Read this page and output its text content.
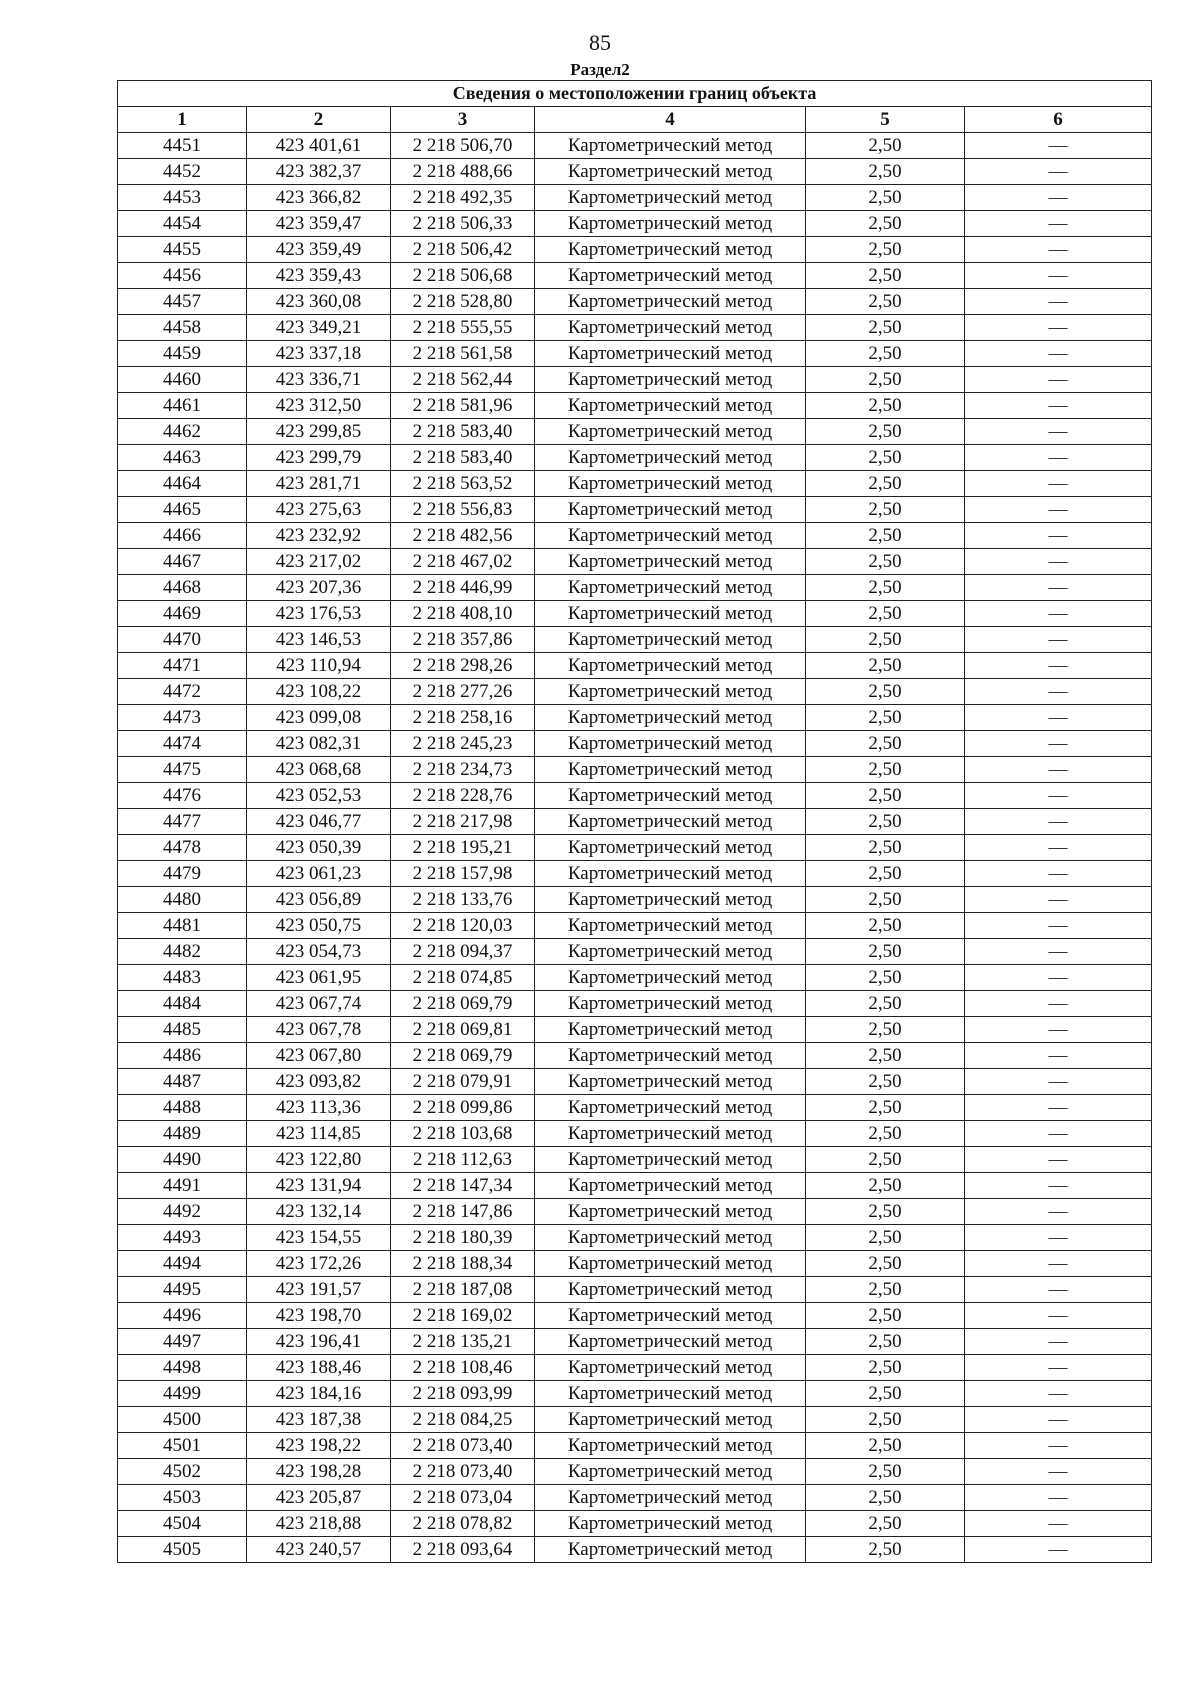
85
Раздел2
Сведения о местоположении границ объекта					
1	2	3	4	5	6
4451	423 401,61	2 218 506,70	Картометрический метод	2,50	—
4452	423 382,37	2 218 488,66	Картометрический метод	2,50	—
4453	423 366,82	2 218 492,35	Картометрический метод	2,50	—
4454	423 359,47	2 218 506,33	Картометрический метод	2,50	—
4455	423 359,49	2 218 506,42	Картометрический метод	2,50	—
4456	423 359,43	2 218 506,68	Картометрический метод	2,50	—
4457	423 360,08	2 218 528,80	Картометрический метод	2,50	—
4458	423 349,21	2 218 555,55	Картометрический метод	2,50	—
4459	423 337,18	2 218 561,58	Картометрический метод	2,50	—
4460	423 336,71	2 218 562,44	Картометрический метод	2,50	—
4461	423 312,50	2 218 581,96	Картометрический метод	2,50	—
4462	423 299,85	2 218 583,40	Картометрический метод	2,50	—
4463	423 299,79	2 218 583,40	Картометрический метод	2,50	—
4464	423 281,71	2 218 563,52	Картометрический метод	2,50	—
4465	423 275,63	2 218 556,83	Картометрический метод	2,50	—
4466	423 232,92	2 218 482,56	Картометрический метод	2,50	—
4467	423 217,02	2 218 467,02	Картометрический метод	2,50	—
4468	423 207,36	2 218 446,99	Картометрический метод	2,50	—
4469	423 176,53	2 218 408,10	Картометрический метод	2,50	—
4470	423 146,53	2 218 357,86	Картометрический метод	2,50	—
4471	423 110,94	2 218 298,26	Картометрический метод	2,50	—
4472	423 108,22	2 218 277,26	Картометрический метод	2,50	—
4473	423 099,08	2 218 258,16	Картометрический метод	2,50	—
4474	423 082,31	2 218 245,23	Картометрический метод	2,50	—
4475	423 068,68	2 218 234,73	Картометрический метод	2,50	—
4476	423 052,53	2 218 228,76	Картометрический метод	2,50	—
4477	423 046,77	2 218 217,98	Картометрический метод	2,50	—
4478	423 050,39	2 218 195,21	Картометрический метод	2,50	—
4479	423 061,23	2 218 157,98	Картометрический метод	2,50	—
4480	423 056,89	2 218 133,76	Картометрический метод	2,50	—
4481	423 050,75	2 218 120,03	Картометрический метод	2,50	—
4482	423 054,73	2 218 094,37	Картометрический метод	2,50	—
4483	423 061,95	2 218 074,85	Картометрический метод	2,50	—
4484	423 067,74	2 218 069,79	Картометрический метод	2,50	—
4485	423 067,78	2 218 069,81	Картометрический метод	2,50	—
4486	423 067,80	2 218 069,79	Картометрический метод	2,50	—
4487	423 093,82	2 218 079,91	Картометрический метод	2,50	—
4488	423 113,36	2 218 099,86	Картометрический метод	2,50	—
4489	423 114,85	2 218 103,68	Картометрический метод	2,50	—
4490	423 122,80	2 218 112,63	Картометрический метод	2,50	—
4491	423 131,94	2 218 147,34	Картометрический метод	2,50	—
4492	423 132,14	2 218 147,86	Картометрический метод	2,50	—
4493	423 154,55	2 218 180,39	Картометрический метод	2,50	—
4494	423 172,26	2 218 188,34	Картометрический метод	2,50	—
4495	423 191,57	2 218 187,08	Картометрический метод	2,50	—
4496	423 198,70	2 218 169,02	Картометрический метод	2,50	—
4497	423 196,41	2 218 135,21	Картометрический метод	2,50	—
4498	423 188,46	2 218 108,46	Картометрический метод	2,50	—
4499	423 184,16	2 218 093,99	Картометрический метод	2,50	—
4500	423 187,38	2 218 084,25	Картометрический метод	2,50	—
4501	423 198,22	2 218 073,40	Картометрический метод	2,50	—
4502	423 198,28	2 218 073,40	Картометрический метод	2,50	—
4503	423 205,87	2 218 073,04	Картометрический метод	2,50	—
4504	423 218,88	2 218 078,82	Картометрический метод	2,50	—
4505	423 240,57	2 218 093,64	Картометрический метод	2,50	—
